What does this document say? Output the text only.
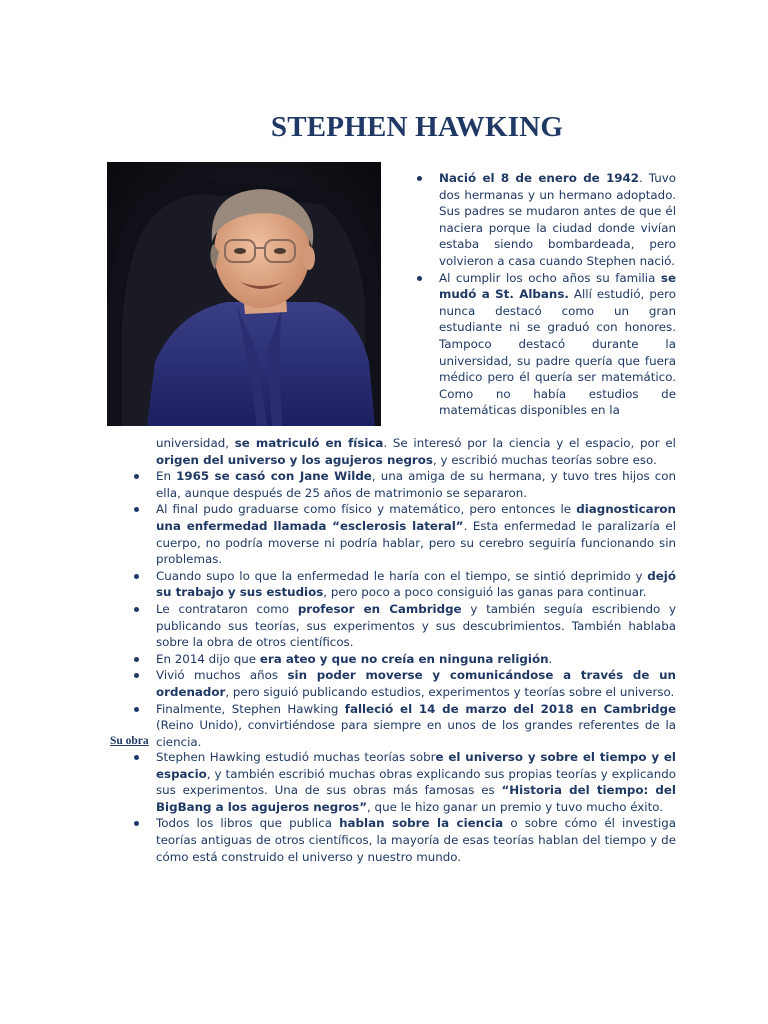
STEPHEN HAWKING
Nació el 8 de enero de 1942. Tuvo dos hermanas y un hermano adoptado. Sus padres se mudaron antes de que él naciera porque la ciudad donde vivían estaba siendo bombardeada, pero volvieron a casa cuando Stephen nació.
Al cumplir los ocho años su familia se mudó a St. Albans. Allí estudió, pero nunca destacó como un gran estudiante ni se graduó con honores. Tampoco destacó durante la universidad, su padre quería que fuera médico pero él quería ser matemático. Como no había estudios de matemáticas disponibles en la

universidad, se matriculó en física. Se interesó por la ciencia y el espacio, por el origen del universo y los agujeros negros, y escribió muchas teorías sobre eso.

En 1965 se casó con Jane Wilde, una amiga de su hermana, y tuvo tres hijos con ella, aunque después de 25 años de matrimonio se separaron.
Al final pudo graduarse como físico y matemático, pero entonces le diagnosticaron una enfermedad llamada “esclerosis lateral”. Esta enfermedad le paralizaría el cuerpo, no podría moverse ni podría hablar, pero su cerebro seguiría funcionando sin problemas.
Cuando supo lo que la enfermedad le haría con el tiempo, se sintió deprimido y dejó su trabajo y sus estudios, pero poco a poco consiguió las ganas para continuar.
Le contrataron como profesor en Cambridge y también seguía escribiendo y publicando sus teorías, sus experimentos y sus descubrimientos. También hablaba sobre la obra de otros científicos.
En 2014 dijo que era ateo y que no creía en ninguna religión.
Vivió muchos años sin poder moverse y comunicándose a través de un ordenador, pero siguió publicando estudios, experimentos y teorías sobre el universo.
Finalmente, Stephen Hawking falleció el 14 de marzo del 2018 en Cambridge (Reino Unido), convirtiéndose para siempre en unos de los grandes referentes de la ciencia.

Su obra

Stephen Hawking estudió muchas teorías sobre el universo y sobre el tiempo y el espacio, y también escribió muchas obras explicando sus propias teorías y explicando sus experimentos. Una de sus obras más famosas es “Historia del tiempo: del BigBang a los agujeros negros”, que le hizo ganar un premio y tuvo mucho éxito.
Todos los libros que publica hablan sobre la ciencia o sobre cómo él investiga teorías antiguas de otros científicos, la mayoría de esas teorías hablan del tiempo y de cómo está construido el universo y nuestro mundo.
